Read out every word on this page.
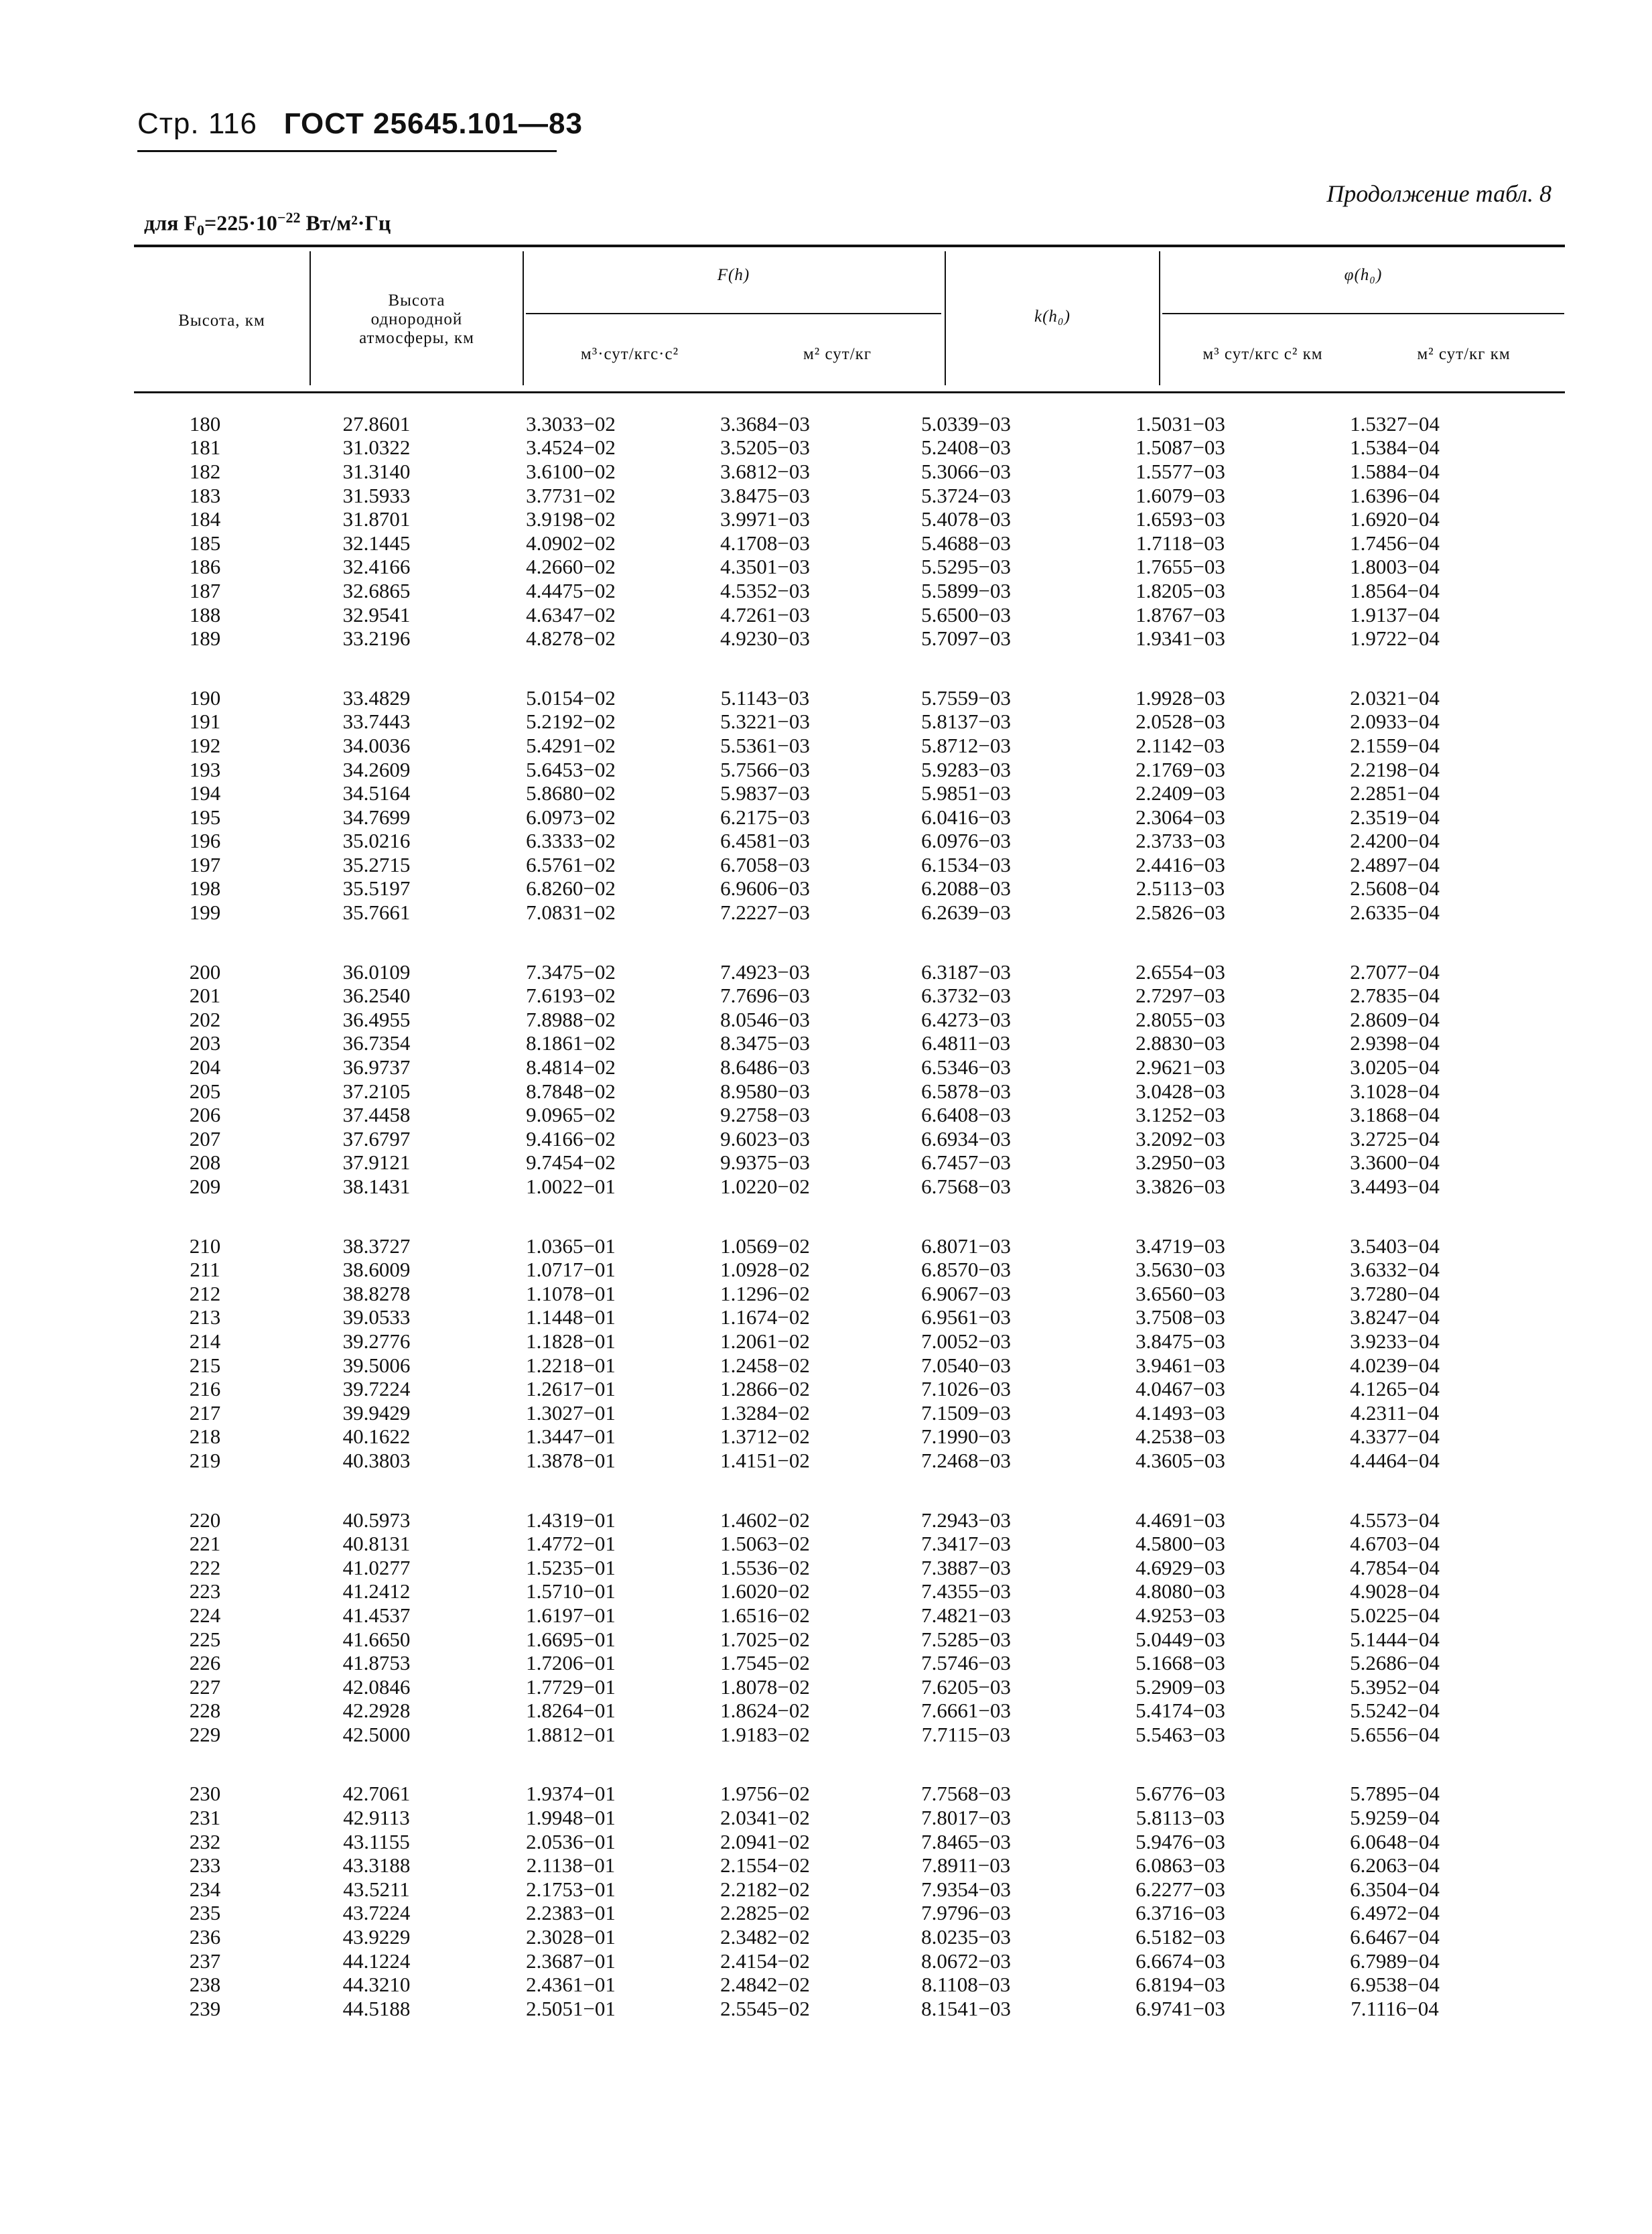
Стр. 116 ГОСТ 25645.101—83
Продолжение табл. 8
для $F_0=225\cdot 10^{-22}$ Вт/м²·Гц
Высота, км
Высота однородной атмосферы, км
F(h)
м³·сут/кгс·с²	м² сут/кг
k(h₀)
φ(h₀)
м³ сут/кгс с² км	м² сут/кг км
180	27.8601	3.3033−02	3.3684−03	5.0339−03	1.5031−03	1.5327−04
181	31.0322	3.4524−02	3.5205−03	5.2408−03	1.5087−03	1.5384−04
182	31.3140	3.6100−02	3.6812−03	5.3066−03	1.5577−03	1.5884−04
183	31.5933	3.7731−02	3.8475−03	5.3724−03	1.6079−03	1.6396−04
184	31.8701	3.9198−02	3.9971−03	5.4078−03	1.6593−03	1.6920−04
185	32.1445	4.0902−02	4.1708−03	5.4688−03	1.7118−03	1.7456−04
186	32.4166	4.2660−02	4.3501−03	5.5295−03	1.7655−03	1.8003−04
187	32.6865	4.4475−02	4.5352−03	5.5899−03	1.8205−03	1.8564−04
188	32.9541	4.6347−02	4.7261−03	5.6500−03	1.8767−03	1.9137−04
189	33.2196	4.8278−02	4.9230−03	5.7097−03	1.9341−03	1.9722−04
190	33.4829	5.0154−02	5.1143−03	5.7559−03	1.9928−03	2.0321−04
191	33.7443	5.2192−02	5.3221−03	5.8137−03	2.0528−03	2.0933−04
192	34.0036	5.4291−02	5.5361−03	5.8712−03	2.1142−03	2.1559−04
193	34.2609	5.6453−02	5.7566−03	5.9283−03	2.1769−03	2.2198−04
194	34.5164	5.8680−02	5.9837−03	5.9851−03	2.2409−03	2.2851−04
195	34.7699	6.0973−02	6.2175−03	6.0416−03	2.3064−03	2.3519−04
196	35.0216	6.3333−02	6.4581−03	6.0976−03	2.3733−03	2.4200−04
197	35.2715	6.5761−02	6.7058−03	6.1534−03	2.4416−03	2.4897−04
198	35.5197	6.8260−02	6.9606−03	6.2088−03	2.5113−03	2.5608−04
199	35.7661	7.0831−02	7.2227−03	6.2639−03	2.5826−03	2.6335−04
200	36.0109	7.3475−02	7.4923−03	6.3187−03	2.6554−03	2.7077−04
201	36.2540	7.6193−02	7.7696−03	6.3732−03	2.7297−03	2.7835−04
202	36.4955	7.8988−02	8.0546−03	6.4273−03	2.8055−03	2.8609−04
203	36.7354	8.1861−02	8.3475−03	6.4811−03	2.8830−03	2.9398−04
204	36.9737	8.4814−02	8.6486−03	6.5346−03	2.9621−03	3.0205−04
205	37.2105	8.7848−02	8.9580−03	6.5878−03	3.0428−03	3.1028−04
206	37.4458	9.0965−02	9.2758−03	6.6408−03	3.1252−03	3.1868−04
207	37.6797	9.4166−02	9.6023−03	6.6934−03	3.2092−03	3.2725−04
208	37.9121	9.7454−02	9.9375−03	6.7457−03	3.2950−03	3.3600−04
209	38.1431	1.0022−01	1.0220−02	6.7568−03	3.3826−03	3.4493−04
210	38.3727	1.0365−01	1.0569−02	6.8071−03	3.4719−03	3.5403−04
211	38.6009	1.0717−01	1.0928−02	6.8570−03	3.5630−03	3.6332−04
212	38.8278	1.1078−01	1.1296−02	6.9067−03	3.6560−03	3.7280−04
213	39.0533	1.1448−01	1.1674−02	6.9561−03	3.7508−03	3.8247−04
214	39.2776	1.1828−01	1.2061−02	7.0052−03	3.8475−03	3.9233−04
215	39.5006	1.2218−01	1.2458−02	7.0540−03	3.9461−03	4.0239−04
216	39.7224	1.2617−01	1.2866−02	7.1026−03	4.0467−03	4.1265−04
217	39.9429	1.3027−01	1.3284−02	7.1509−03	4.1493−03	4.2311−04
218	40.1622	1.3447−01	1.3712−02	7.1990−03	4.2538−03	4.3377−04
219	40.3803	1.3878−01	1.4151−02	7.2468−03	4.3605−03	4.4464−04
220	40.5973	1.4319−01	1.4602−02	7.2943−03	4.4691−03	4.5573−04
221	40.8131	1.4772−01	1.5063−02	7.3417−03	4.5800−03	4.6703−04
222	41.0277	1.5235−01	1.5536−02	7.3887−03	4.6929−03	4.7854−04
223	41.2412	1.5710−01	1.6020−02	7.4355−03	4.8080−03	4.9028−04
224	41.4537	1.6197−01	1.6516−02	7.4821−03	4.9253−03	5.0225−04
225	41.6650	1.6695−01	1.7025−02	7.5285−03	5.0449−03	5.1444−04
226	41.8753	1.7206−01	1.7545−02	7.5746−03	5.1668−03	5.2686−04
227	42.0846	1.7729−01	1.8078−02	7.6205−03	5.2909−03	5.3952−04
228	42.2928	1.8264−01	1.8624−02	7.6661−03	5.4174−03	5.5242−04
229	42.5000	1.8812−01	1.9183−02	7.7115−03	5.5463−03	5.6556−04
230	42.7061	1.9374−01	1.9756−02	7.7568−03	5.6776−03	5.7895−04
231	42.9113	1.9948−01	2.0341−02	7.8017−03	5.8113−03	5.9259−04
232	43.1155	2.0536−01	2.0941−02	7.8465−03	5.9476−03	6.0648−04
233	43.3188	2.1138−01	2.1554−02	7.8911−03	6.0863−03	6.2063−04
234	43.5211	2.1753−01	2.2182−02	7.9354−03	6.2277−03	6.3504−04
235	43.7224	2.2383−01	2.2825−02	7.9796−03	6.3716−03	6.4972−04
236	43.9229	2.3028−01	2.3482−02	8.0235−03	6.5182−03	6.6467−04
237	44.1224	2.3687−01	2.4154−02	8.0672−03	6.6674−03	6.7989−04
238	44.3210	2.4361−01	2.4842−02	8.1108−03	6.8194−03	6.9538−04
239	44.5188	2.5051−01	2.5545−02	8.1541−03	6.9741−03	7.1116−04
